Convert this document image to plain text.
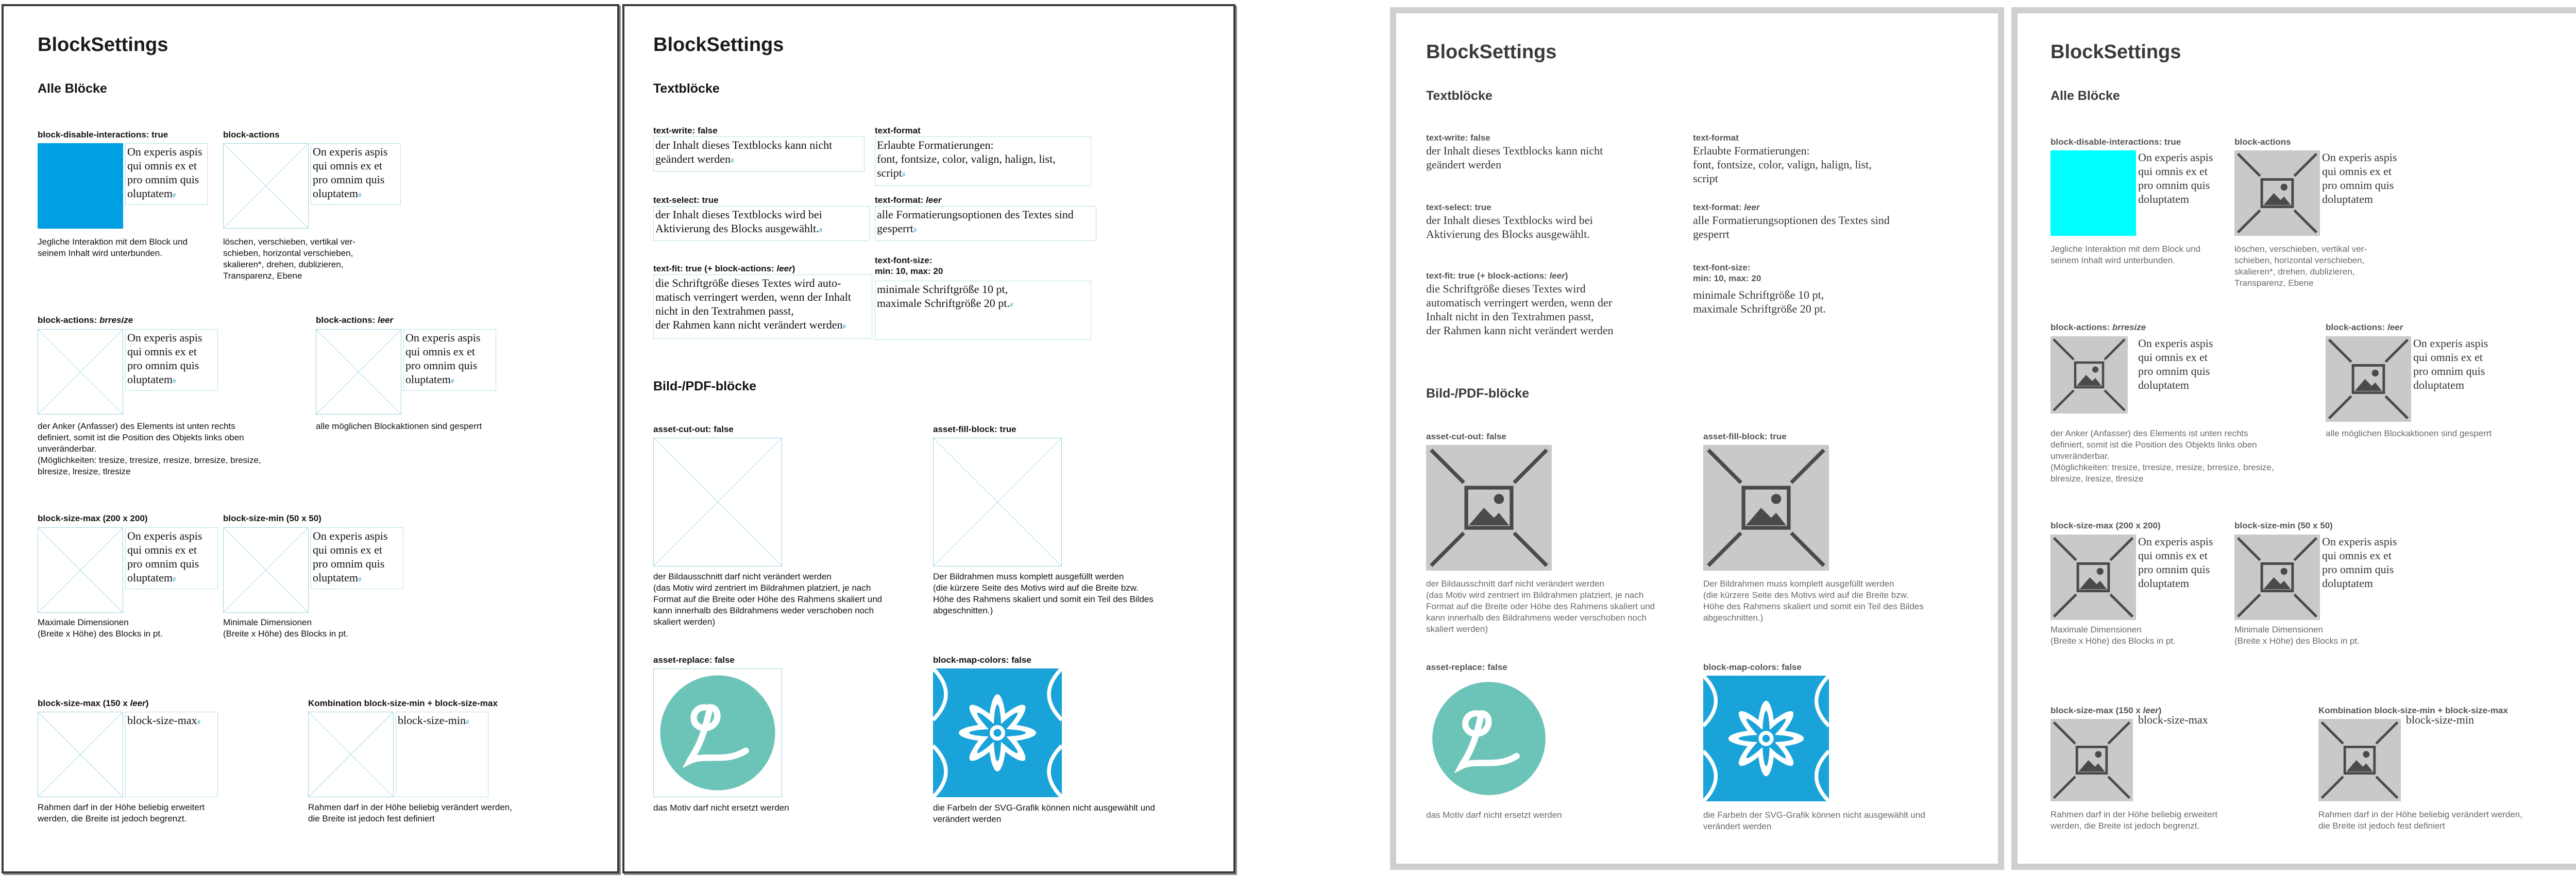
BlockSettings
Alle Blöcke
block-disable-interactions: true
On experis aspis
qui omnis ex et
pro omnim quis
oluptatem #
Jegliche Interaktion mit dem Block und
seinem Inhalt wird unterbunden.
block-actions
On experis aspis
qui omnis ex et
pro omnim quis
oluptatem #
löschen, verschieben, vertikal ver-
schieben, horizontal verschieben,
skalieren*, drehen, dublizieren,
Transparenz, Ebene
block-actions: brresize
On experis aspis
qui omnis ex et
pro omnim quis
oluptatem #
der Anker (Anfasser) des Elements ist unten rechts
definiert, somit ist die Position des Objekts links oben
unveränderbar.
(Möglichkeiten: tresize, trresize, rresize, brresize, bresize,
blresize, lresize, tlresize
block-actions: leer
On experis aspis
qui omnis ex et
pro omnim quis
oluptatem #
alle möglichen Blockaktionen sind gesperrt
block-size-max (200 x 200)
On experis aspis
qui omnis ex et
pro omnim quis
oluptatem #
Maximale Dimensionen
(Breite x Höhe) des Blocks in pt.
block-size-min (50 x 50)
On experis aspis
qui omnis ex et
pro omnim quis
oluptatem #
Minimale Dimensionen
(Breite x Höhe) des Blocks in pt.
block-size-max (150 x leer)
block-size-max #
Rahmen darf in der Höhe beliebig erweitert
werden, die Breite ist jedoch begrenzt.
Kombination block-size-min + block-size-max
block-size-min #
Rahmen darf in der Höhe beliebig verändert werden,
die Breite ist jedoch fest definiert
BlockSettings
Textblöcke
text-write: false
der Inhalt dieses Textblocks kann nicht
geändert werden #
text-format
Erlaubte Formatierungen:
font, fontsize, color, valign, halign, list,
script #
text-select: true
der Inhalt dieses Textblocks wird bei
Aktivierung des Blocks ausgewählt. #
text-format: leer
alle Formatierungsoptionen des Textes sind
gesperrt #
text-fit: true (+ block-actions: leer)
die Schriftgröße dieses Textes wird auto-
matisch verringert werden, wenn der Inhalt
nicht in den Textrahmen passt,
der Rahmen kann nicht verändert werden #
text-font-size:
min: 10, max: 20
minimale Schriftgröße 10 pt,
maximale Schriftgröße 20 pt. #
Bild-/PDF-blöcke
asset-cut-out: false
der Bildausschnitt darf nicht verändert werden
(das Motiv wird zentriert im Bildrahmen platziert, je nach
Format auf die Breite oder Höhe des Rahmens skaliert und
kann innerhalb des Bildrahmens weder verschoben noch
skaliert werden)
asset-fill-block: true
Der Bildrahmen muss komplett ausgefüllt werden
(die kürzere Seite des Motivs wird auf die Breite bzw.
Höhe des Rahmens skaliert und somit ein Teil des Bildes
abgeschnitten.)
asset-replace: false
das Motiv darf nicht ersetzt werden
block-map-colors: false
die Farbeln der SVG-Grafik können nicht ausgewählt und
verändert werden
BlockSettings
Textblöcke
text-write: false
der Inhalt dieses Textblocks kann nicht
geändert werden
text-format
Erlaubte Formatierungen:
font, fontsize, color, valign, halign, list,
script
text-select: true
der Inhalt dieses Textblocks wird bei
Aktivierung des Blocks ausgewählt.
text-format: leer
alle Formatierungsoptionen des Textes sind
gesperrt
text-fit: true (+ block-actions: leer)
die Schriftgröße dieses Textes wird
automatisch verringert werden, wenn der
Inhalt nicht in den Textrahmen passt,
der Rahmen kann nicht verändert werden
text-font-size:
min: 10, max: 20
minimale Schriftgröße 10 pt,
maximale Schriftgröße 20 pt.
Bild-/PDF-blöcke
asset-cut-out: false
der Bildausschnitt darf nicht verändert werden
(das Motiv wird zentriert im Bildrahmen platziert, je nach
Format auf die Breite oder Höhe des Rahmens skaliert und
kann innerhalb des Bildrahmens weder verschoben noch
skaliert werden)
asset-fill-block: true
Der Bildrahmen muss komplett ausgefüllt werden
(die kürzere Seite des Motivs wird auf die Breite bzw.
Höhe des Rahmens skaliert und somit ein Teil des Bildes
abgeschnitten.)
asset-replace: false
das Motiv darf nicht ersetzt werden
block-map-colors: false
die Farbeln der SVG-Grafik können nicht ausgewählt und
verändert werden
BlockSettings
Alle Blöcke
block-disable-interactions: true
On experis aspis
qui omnis ex et
pro omnim quis
doluptatem
Jegliche Interaktion mit dem Block und
seinem Inhalt wird unterbunden.
block-actions
On experis aspis
qui omnis ex et
pro omnim quis
doluptatem
löschen, verschieben, vertikal ver-
schieben, horizontal verschieben,
skalieren*, drehen, dublizieren,
Transparenz, Ebene
block-actions: brresize
On experis aspis
qui omnis ex et
pro omnim quis
doluptatem
der Anker (Anfasser) des Elements ist unten rechts
definiert, somit ist die Position des Objekts links oben
unveränderbar.
(Möglichkeiten: tresize, trresize, rresize, brresize, bresize,
blresize, lresize, tlresize
block-actions: leer
On experis aspis
qui omnis ex et
pro omnim quis
doluptatem
alle möglichen Blockaktionen sind gesperrt
block-size-max (200 x 200)
On experis aspis
qui omnis ex et
pro omnim quis
doluptatem
Maximale Dimensionen
(Breite x Höhe) des Blocks in pt.
block-size-min (50 x 50)
On experis aspis
qui omnis ex et
pro omnim quis
doluptatem
Minimale Dimensionen
(Breite x Höhe) des Blocks in pt.
block-size-max (150 x leer)
block-size-max
Rahmen darf in der Höhe beliebig erweitert
werden, die Breite ist jedoch begrenzt.
Kombination block-size-min + block-size-max
block-size-min
Rahmen darf in der Höhe beliebig verändert werden,
die Breite ist jedoch fest definiert
